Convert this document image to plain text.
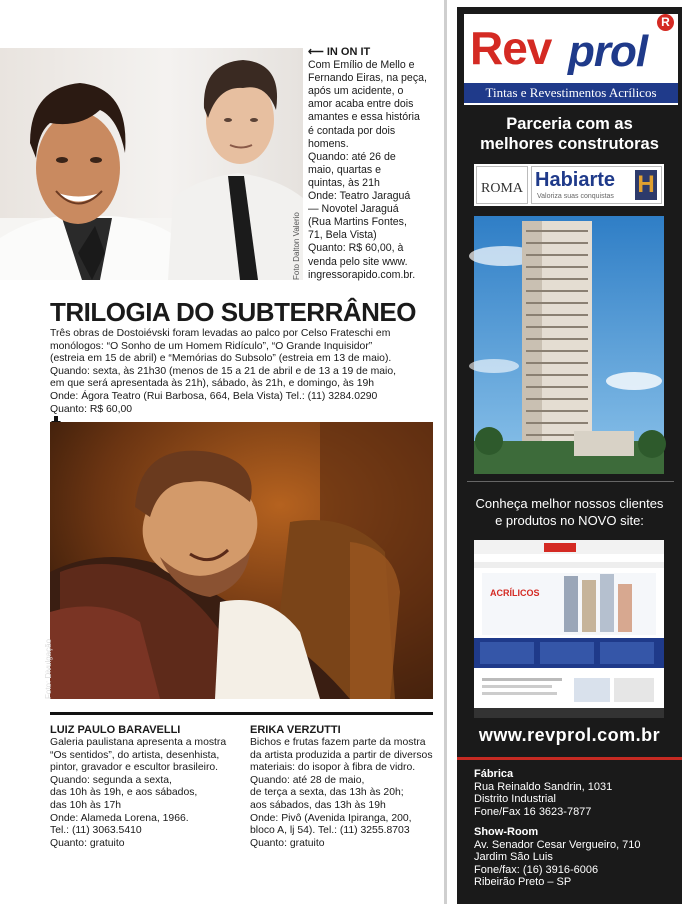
Foto Dalton Valerio
⟵ IN ON IT
Com Emílio de Mello e
Fernando Eiras, na peça,
após um acidente, o
amor acaba entre dois
amantes e essa história
é contada por dois
homens.
Quando: até 26 de
maio, quartas e
quintas, às 21h
Onde: Teatro Jaraguá
— Novotel Jaraguá
(Rua Martins Fontes,
71, Bela Vista)
Quanto: R$ 60,00, à
venda pelo site www.
ingressorapido.com.br.
TRILOGIA DO SUBTERRÂNEO
Três obras de Dostoiévski foram levadas ao palco por Celso Frateschi em
monólogos: “O Sonho de um Homem Ridículo”, “O Grande Inquisidor”
(estreia em 15 de abril) e “Memórias do Subsolo” (estreia em 13 de maio).
Quando: sexta, às 21h30 (menos de 15 a 21 de abril e de 13 a 19 de maio,
em que será apresentada às 21h), sábado, às 21h, e domingo, às 19h
Onde: Ágora Teatro (Rui Barbosa, 664, Bela Vista) Tel.: (11) 3284.0290
Quanto: R$ 60,00
Foto: Divulgação
LUIZ PAULO BARAVELLI
Galeria paulistana apresenta a mostra
“Os sentidos”, do artista, desenhista,
pintor, gravador e escultor brasileiro.
Quando: segunda a sexta,
das 10h às 19h, e aos sábados,
das 10h às 17h
Onde: Alameda Lorena, 1966.
Tel.: (11) 3063.5410
Quanto: gratuito
ERIKA VERZUTTI
Bichos e frutas fazem parte da mostra
da artista produzida a partir de diversos
materiais: do isopor à fibra de vidro.
Quando: até 28 de maio,
de terça a sexta, das 13h às 20h;
aos sábados, das 13h às 19h
Onde: Pivô (Avenida Ipiranga, 200,
bloco A, lj 54). Tel.: (11) 3255.8703
Quanto: gratuito
Rev prol
R
Tintas e Revestimentos Acrílicos
Parceria com as
melhores construtoras
ROMA Habiarte
Valoriza suas conquistas H
Conheça melhor nossos clientes
e produtos no NOVO site:
ACRÍLICOS
www.revprol.com.br
Fábrica
Rua Reinaldo Sandrin, 1031
Distrito Industrial
Fone/Fax 16 3623-7877
Show-Room
Av. Senador Cesar Vergueiro, 710
Jardim São Luis
Fone/fax: (16) 3916-6006
Ribeirão Preto – SP
